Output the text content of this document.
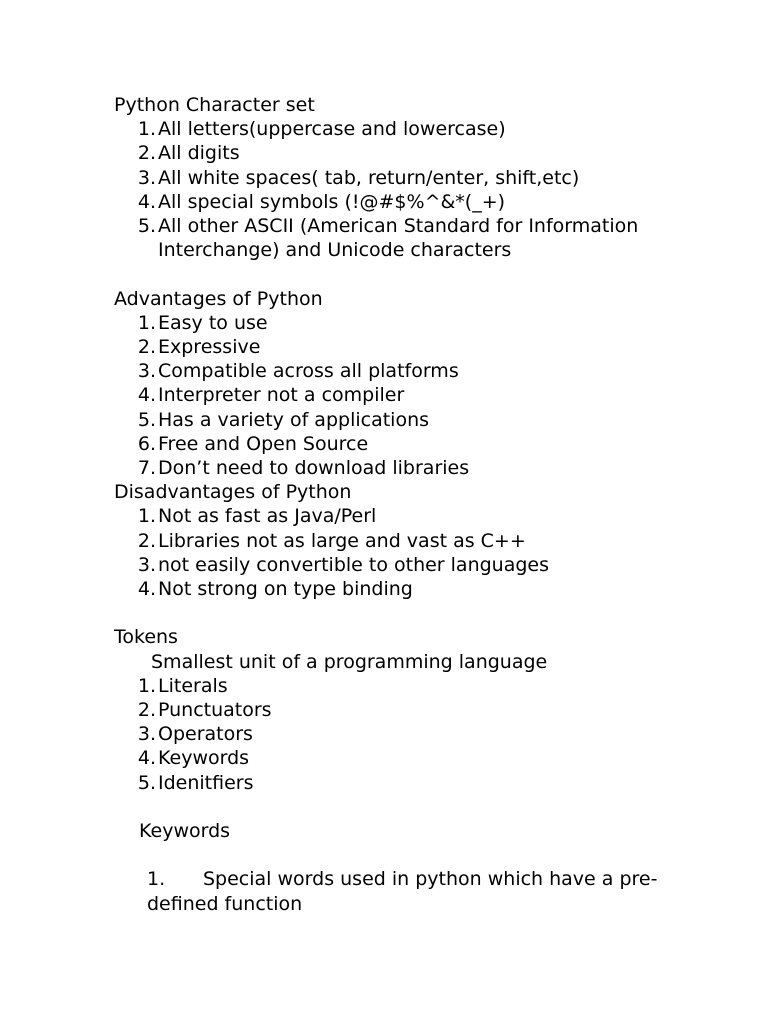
Python Character set
1. All letters(uppercase and lowercase)
2. All digits
3. All white spaces( tab, return/enter, shift,etc)
4. All special symbols (!@#$%^&*(_+)
5. All other ASCII (American Standard for Information Interchange) and Unicode characters
Advantages of Python
1. Easy to use
2. Expressive
3. Compatible across all platforms
4. Interpreter not a compiler
5. Has a variety of applications
6. Free and Open Source
7. Don’t need to download libraries
Disadvantages of Python
1. Not as fast as Java/Perl
2. Libraries not as large and vast as C++
3. not easily convertible to other languages
4. Not strong on type binding
Tokens
Smallest unit of a programming language
1. Literals
2. Punctuators
3. Operators
4. Keywords
5. Idenitfiers
Keywords
1. Special words used in python which have a pre-defined function
